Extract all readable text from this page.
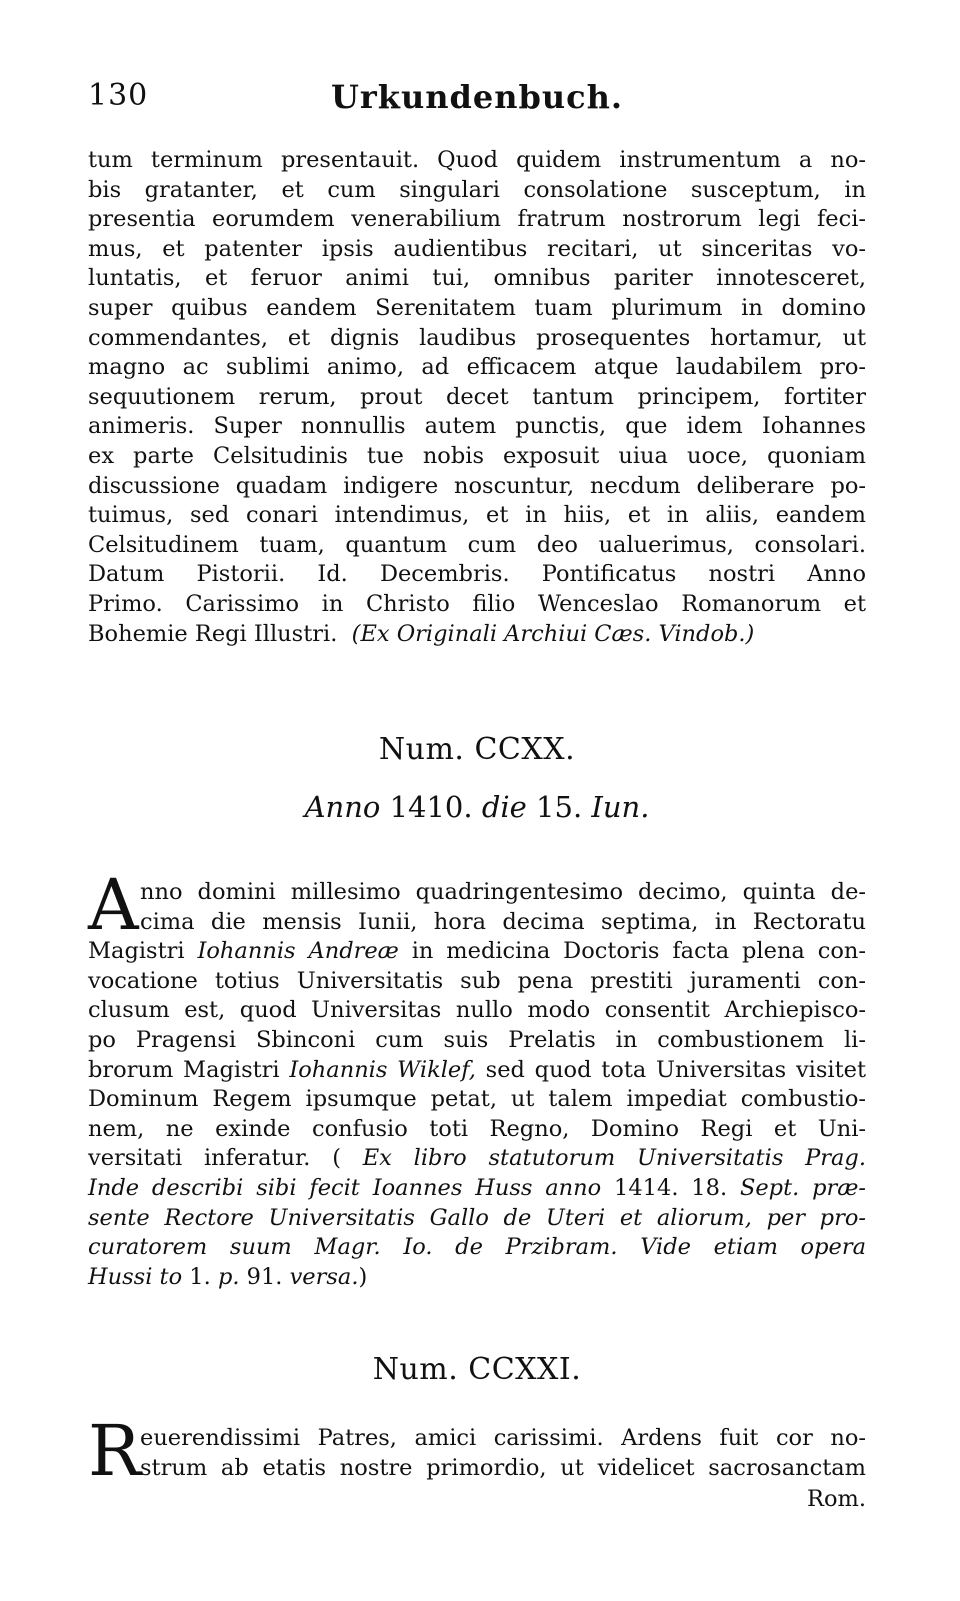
130	Urkundenbuch.
tum terminum presentauit. Quod quidem instrumentum a no-
bis gratanter, et cum singulari consolatione susceptum, in
presentia eorumdem venerabilium fratrum nostrorum legi feci-
mus, et patenter ipsis audientibus recitari, ut sinceritas vo-
luntatis, et feruor animi tui, omnibus pariter innotesceret,
super quibus eandem Serenitatem tuam plurimum in domino
commendantes, et dignis laudibus prosequentes hortamur, ut
magno ac sublimi animo, ad efficacem atque laudabilem pro-
sequutionem rerum, prout decet tantum principem, fortiter
animeris. Super nonnullis autem punctis, que idem Iohannes
ex parte Celsitudinis tue nobis exposuit uiua uoce, quoniam
discussione quadam indigere noscuntur, necdum deliberare po-
tuimus, sed conari intendimus, et in hiis, et in aliis, eandem
Celsitudinem tuam, quantum cum deo ualuerimus, consolari.
Datum Pistorii. Id. Decembris. Pontificatus nostri Anno
Primo. Carissimo in Christo filio Wenceslao Romanorum et
Bohemie Regi Illustri. (Ex Originali Archiui Cæs. Vindob.)
Num. CCXX.
Anno 1410. die 15. Iun.
A nno domini millesimo quadringentesimo decimo, quinta de-
cima die mensis Iunii, hora decima septima, in Rectoratu
Magistri Iohannis Andreæ in medicina Doctoris facta plena con-
vocatione totius Universitatis sub pena prestiti juramenti con-
clusum est, quod Universitas nullo modo consentit Archiepisco-
po Pragensi Sbinconi cum suis Prelatis in combustionem li-
brorum Magistri Iohannis Wiklef, sed quod tota Universitas visitet
Dominum Regem ipsumque petat, ut talem impediat combustio-
nem, ne exinde confusio toti Regno, Domino Regi et Uni-
versitati inferatur. ( Ex libro statutorum Universitatis Prag.
Inde describi sibi fecit Ioannes Huss anno 1414. 18. Sept. præ-
sente Rectore Universitatis Gallo de Uteri et aliorum, per pro-
curatorem suum Magr. Io. de Przibram. Vide etiam opera
Hussi to 1. p. 91. versa.)
Num. CCXXI.
R euerendissimi Patres, amici carissimi. Ardens fuit cor no-
strum ab etatis nostre primordio, ut videlicet sacrosanctam
Rom.
